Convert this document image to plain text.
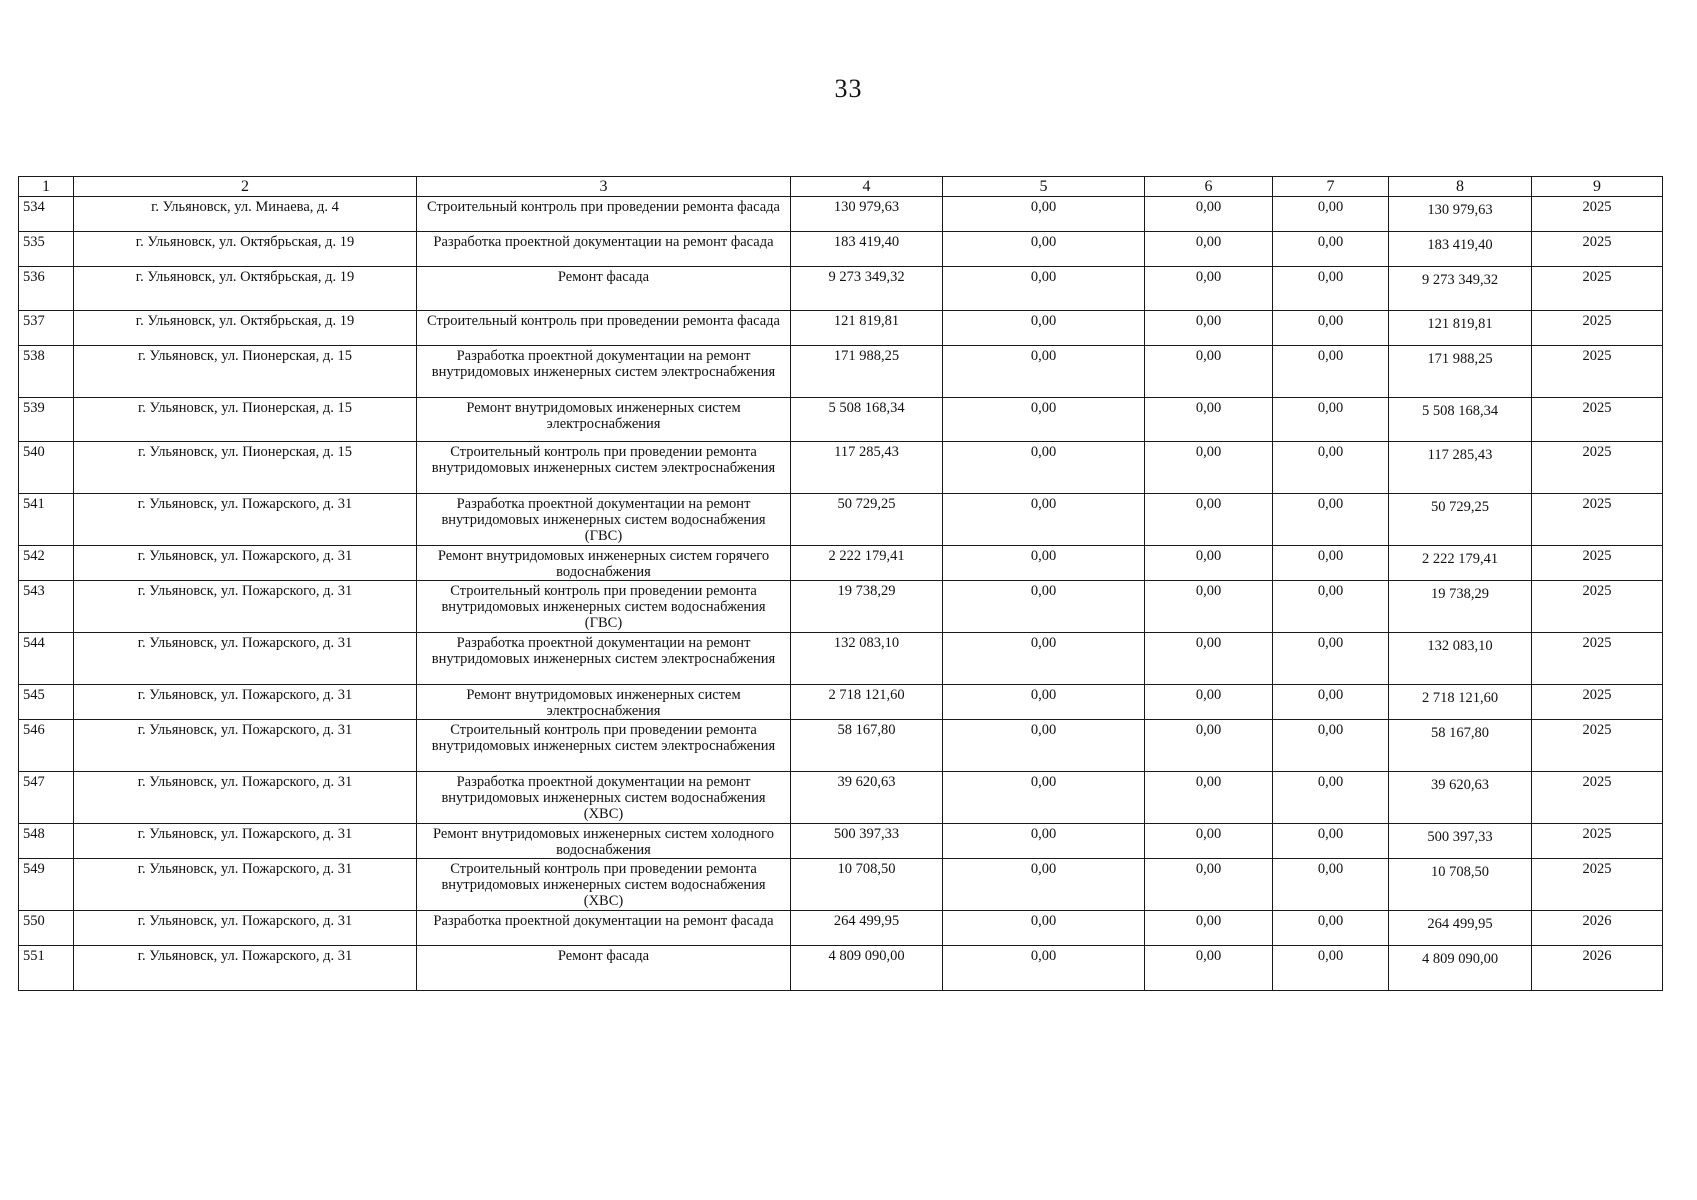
33
1	2	3	4	5	6	7	8	9
534	г. Ульяновск, ул. Минаева, д. 4	Строительный контроль при проведении ремонта фасада	130 979,63	0,00	0,00	0,00	130 979,63	2025
535	г. Ульяновск, ул. Октябрьская, д. 19	Разработка проектной документации на ремонт фасада	183 419,40	0,00	0,00	0,00	183 419,40	2025
536	г. Ульяновск, ул. Октябрьская, д. 19	Ремонт фасада	9 273 349,32	0,00	0,00	0,00	9 273 349,32	2025
537	г. Ульяновск, ул. Октябрьская, д. 19	Строительный контроль при проведении ремонта фасада	121 819,81	0,00	0,00	0,00	121 819,81	2025
538	г. Ульяновск, ул. Пионерская, д. 15	Разработка проектной документации на ремонт внутридомовых инженерных систем электроснабжения	171 988,25	0,00	0,00	0,00	171 988,25	2025
539	г. Ульяновск, ул. Пионерская, д. 15	Ремонт внутридомовых инженерных систем электроснабжения	5 508 168,34	0,00	0,00	0,00	5 508 168,34	2025
540	г. Ульяновск, ул. Пионерская, д. 15	Строительный контроль при проведении ремонта внутридомовых инженерных систем электроснабжения	117 285,43	0,00	0,00	0,00	117 285,43	2025
541	г. Ульяновск, ул. Пожарского, д. 31	Разработка проектной документации на ремонт внутридомовых инженерных систем водоснабжения (ГВС)	50 729,25	0,00	0,00	0,00	50 729,25	2025
542	г. Ульяновск, ул. Пожарского, д. 31	Ремонт внутридомовых инженерных систем горячего водоснабжения	2 222 179,41	0,00	0,00	0,00	2 222 179,41	2025
543	г. Ульяновск, ул. Пожарского, д. 31	Строительный контроль при проведении ремонта внутридомовых инженерных систем водоснабжения (ГВС)	19 738,29	0,00	0,00	0,00	19 738,29	2025
544	г. Ульяновск, ул. Пожарского, д. 31	Разработка проектной документации на ремонт внутридомовых инженерных систем электроснабжения	132 083,10	0,00	0,00	0,00	132 083,10	2025
545	г. Ульяновск, ул. Пожарского, д. 31	Ремонт внутридомовых инженерных систем электроснабжения	2 718 121,60	0,00	0,00	0,00	2 718 121,60	2025
546	г. Ульяновск, ул. Пожарского, д. 31	Строительный контроль при проведении ремонта внутридомовых инженерных систем электроснабжения	58 167,80	0,00	0,00	0,00	58 167,80	2025
547	г. Ульяновск, ул. Пожарского, д. 31	Разработка проектной документации на ремонт внутридомовых инженерных систем водоснабжения (ХВС)	39 620,63	0,00	0,00	0,00	39 620,63	2025
548	г. Ульяновск, ул. Пожарского, д. 31	Ремонт внутридомовых инженерных систем холодного водоснабжения	500 397,33	0,00	0,00	0,00	500 397,33	2025
549	г. Ульяновск, ул. Пожарского, д. 31	Строительный контроль при проведении ремонта внутридомовых инженерных систем водоснабжения (ХВС)	10 708,50	0,00	0,00	0,00	10 708,50	2025
550	г. Ульяновск, ул. Пожарского, д. 31	Разработка проектной документации на ремонт фасада	264 499,95	0,00	0,00	0,00	264 499,95	2026
551	г. Ульяновск, ул. Пожарского, д. 31	Ремонт фасада	4 809 090,00	0,00	0,00	0,00	4 809 090,00	2026
